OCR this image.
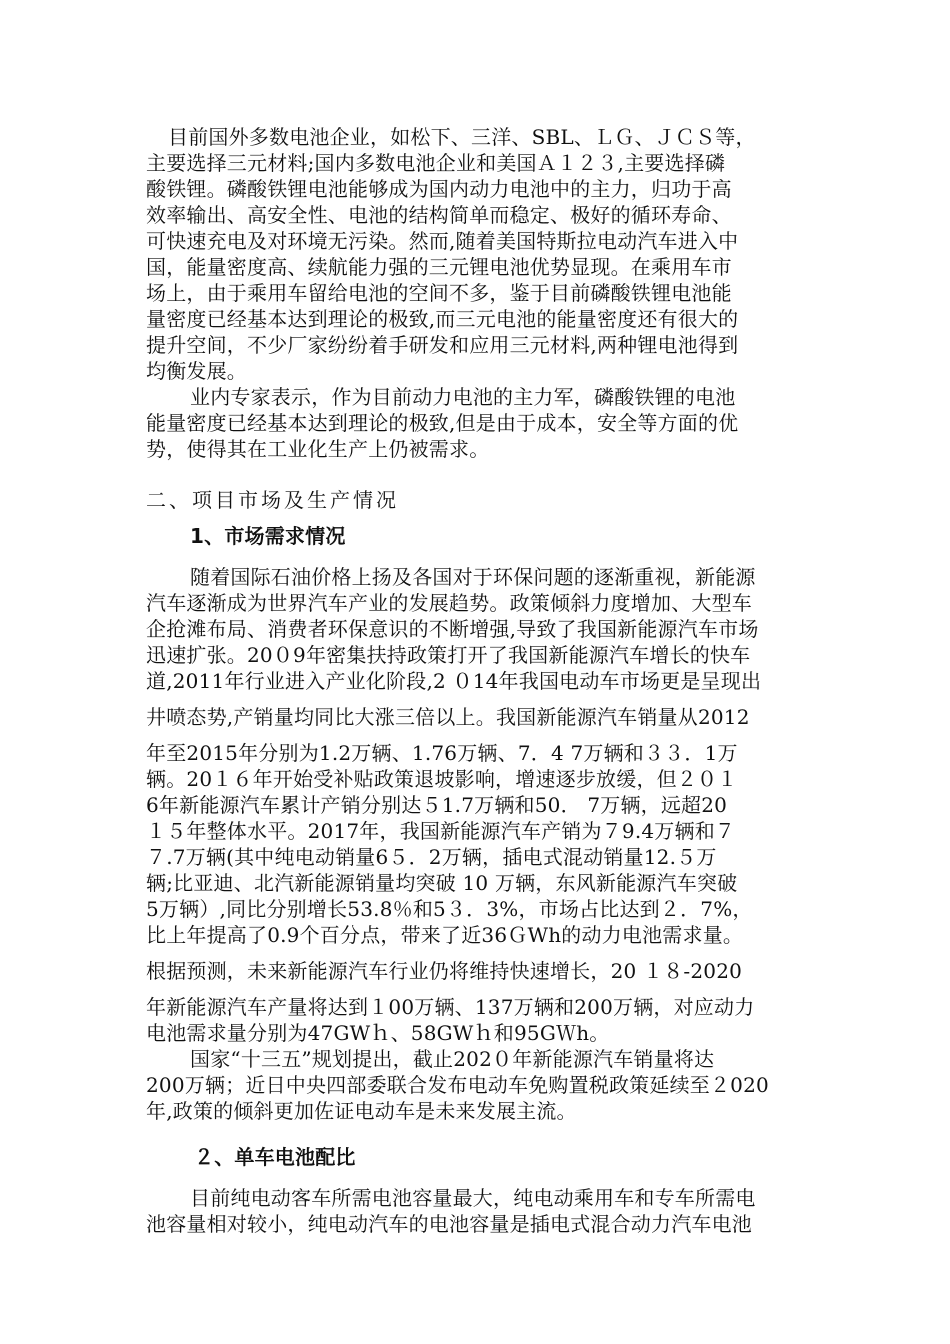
目前国外多数电池企业，如松下、三洋、SBL、ＬＧ、ＪＣＳ等，
主要选择三元材料;国内多数电池企业和美国Ａ１２３,主要选择磷
酸铁锂。磷酸铁锂电池能够成为国内动力电池中的主力，归功于高
效率输出、高安全性、电池的结构简单而稳定、极好的循环寿命、
可快速充电及对环境无污染。然而,随着美国特斯拉电动汽车进入中
国，能量密度高、续航能力强的三元锂电池优势显现。在乘用车市
场上，由于乘用车留给电池的空间不多，鉴于目前磷酸铁锂电池能
量密度已经基本达到理论的极致,而三元电池的能量密度还有很大的
提升空间，不少厂家纷纷着手研发和应用三元材料,两种锂电池得到
均衡发展。
业内专家表示，作为目前动力电池的主力军，磷酸铁锂的电池
能量密度已经基本达到理论的极致,但是由于成本，安全等方面的优
势，使得其在工业化生产上仍被需求。
二、项目市场及生产情况
1、市场需求情况
随着国际石油价格上扬及各国对于环保问题的逐渐重视，新能源
汽车逐渐成为世界汽车产业的发展趋势。政策倾斜力度增加、大型车
企抢滩布局、消费者环保意识的不断增强,导致了我国新能源汽车市场
迅速扩张。20０9年密集扶持政策打开了我国新能源汽车增长的快车
道,2011年行业进入产业化阶段,2 ０14年我国电动车市场更是呈现出
井喷态势,产销量均同比大涨三倍以上。我国新能源汽车销量从2012
年至2015年分别为1.2万辆、1.76万辆、7．4 7万辆和３３．1万
辆。20１６年开始受补贴政策退坡影响，增速逐步放缓，但２０１
6年新能源汽车累计产销分别达５1.7万辆和50． 7万辆，远超20
１５年整体水平。2017年，我国新能源汽车产销为７9.4万辆和７
７.7万辆(其中纯电动销量6５．2万辆，插电式混动销量12.５万
辆;比亚迪、北汽新能源销量均突破 10 万辆，东风新能源汽车突破
5万辆）,同比分别增长53.8％和5３．3%，市场占比达到２．7%，
比上年提高了0.9个百分点，带来了近36ＧWh的动力电池需求量。
根据预测，未来新能源汽车行业仍将维持快速增长，20 １８-2020
年新能源汽车产量将达到１00万辆、137万辆和200万辆，对应动力
电池需求量分别为47GWｈ、58GWｈ和95GＷh。
国家“十三五”规划提出，截止202０年新能源汽车销量将达
200万辆；近日中央四部委联合发布电动车免购置税政策延续至２020
年,政策的倾斜更加佐证电动车是未来发展主流。
２、单车电池配比
目前纯电动客车所需电池容量最大，纯电动乘用车和专车所需电
池容量相对较小，纯电动汽车的电池容量是插电式混合动力汽车电池
